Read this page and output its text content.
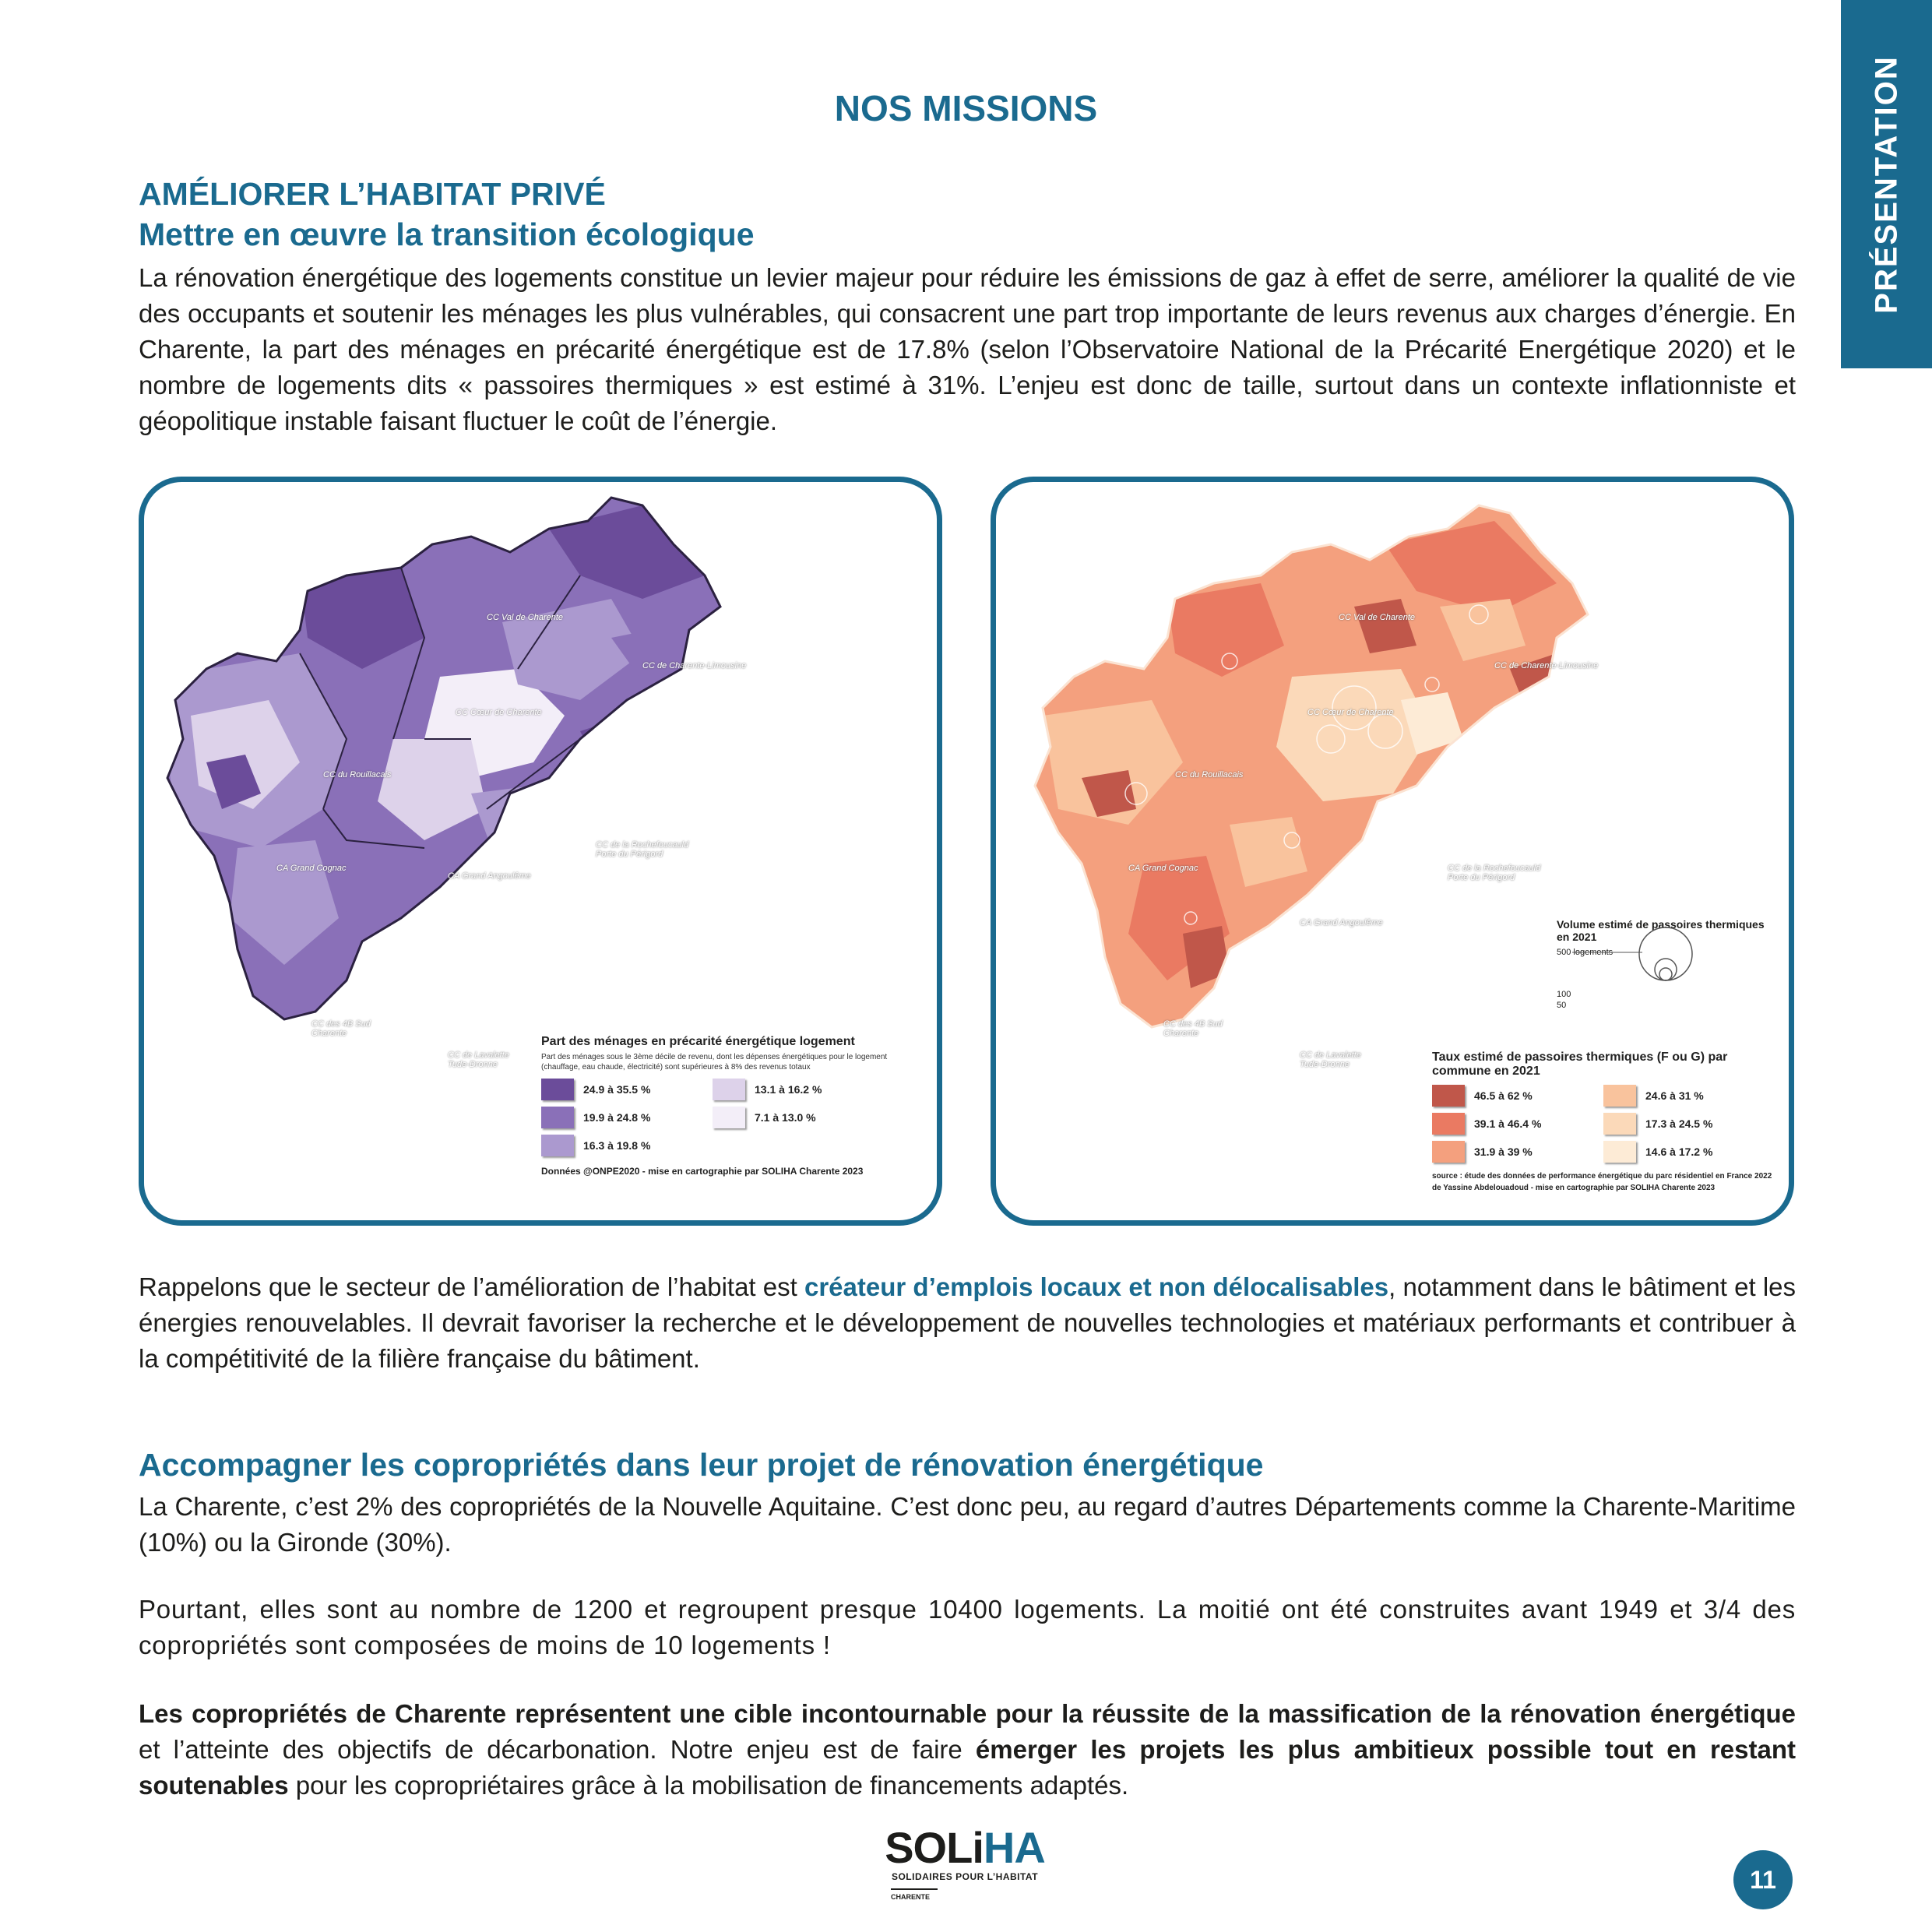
PRÉSENTATION
NOS MISSIONS
AMÉLIORER L’HABITAT PRIVÉ
Mettre en œuvre la transition écologique

La rénovation énergétique des logements constitue un levier majeur pour réduire les émissions de gaz à effet de serre, améliorer la qualité de vie des occupants et soutenir les ménages les plus vulnérables, qui consacrent une part trop importante de leurs revenus aux charges d’énergie. En Charente, la part des ménages en précarité énergétique est de 17.8% (selon l’Observatoire National de la Précarité Energétique 2020) et le nombre de logements dits « passoires thermiques » est estimé à 31%. L’enjeu est donc de taille, surtout dans un contexte inflationniste et géopolitique instable faisant fluctuer le coût de l’énergie.

CC Val de Charente
CC de Charente-Limousine
CC Cœur de Charente
CC du Rouillacais
CA Grand Cognac
CA Grand Angoulême
CC de la Rochefoucauld Porte du Périgord
CC des 4B Sud Charente
CC de Lavalette Tude-Dronne
Part des ménages en précarité énergétique logement
Part des ménages sous le 3ème décile de revenu, dont les dépenses énergétiques pour le logement (chauffage, eau chaude, électricité) sont supérieures à 8% des revenus totaux
24.9 à 35.5 %	13.1 à 16.2 %
19.9 à 24.8 %	7.1 à 13.0 %
16.3 à 19.8 %
Données @ONPE2020 - mise en cartographie par SOLIHA Charente 2023
CC Val de Charente
CC de Charente-Limousine
CC Cœur de Charente
CC du Rouillacais
CA Grand Cognac
CA Grand Angoulême
CC de la Rochefoucauld Porte du Périgord
CC des 4B Sud Charente
CC de Lavalette Tude-Dronne
Volume estimé de passoires thermiques en 2021
500 logements
100
50
Taux estimé de passoires thermiques (F ou G) par commune en 2021
46.5 à 62 %	24.6 à 31 %
39.1 à 46.4 %	17.3 à 24.5 %
31.9 à 39 %	14.6 à 17.2 %
source : étude des données de performance énergétique du parc résidentiel en France 2022 de Yassine Abdelouadoud - mise en cartographie par SOLIHA Charente 2023

Rappelons que le secteur de l’amélioration de l’habitat est créateur d’emplois locaux et non délocalisables, notamment dans le bâtiment et les énergies renouvelables. Il devrait favoriser la recherche et le développement de nouvelles technologies et matériaux performants et contribuer à la compétitivité de la filière française du bâtiment.

Accompagner les copropriétés dans leur projet de rénovation énergétique

La Charente, c’est 2% des copropriétés de la Nouvelle Aquitaine. C’est donc peu, au regard d’autres Départements comme la Charente-Maritime (10%) ou la Gironde (30%).

Pourtant, elles sont au nombre de 1200 et regroupent presque 10400 logements. La moitié ont été construites avant 1949 et 3/4 des copropriétés sont composées de moins de 10 logements !

Les copropriétés de Charente représentent une cible incontournable pour la réussite de la massification de la rénovation énergétique et l’atteinte des objectifs de décarbonation. Notre enjeu est de faire émerger les projets les plus ambitieux possible tout en restant soutenables pour les copropriétaires grâce à la mobilisation de financements adaptés.

SOLiHA
SOLIDAIRES POUR L’HABITAT
CHARENTE
11
